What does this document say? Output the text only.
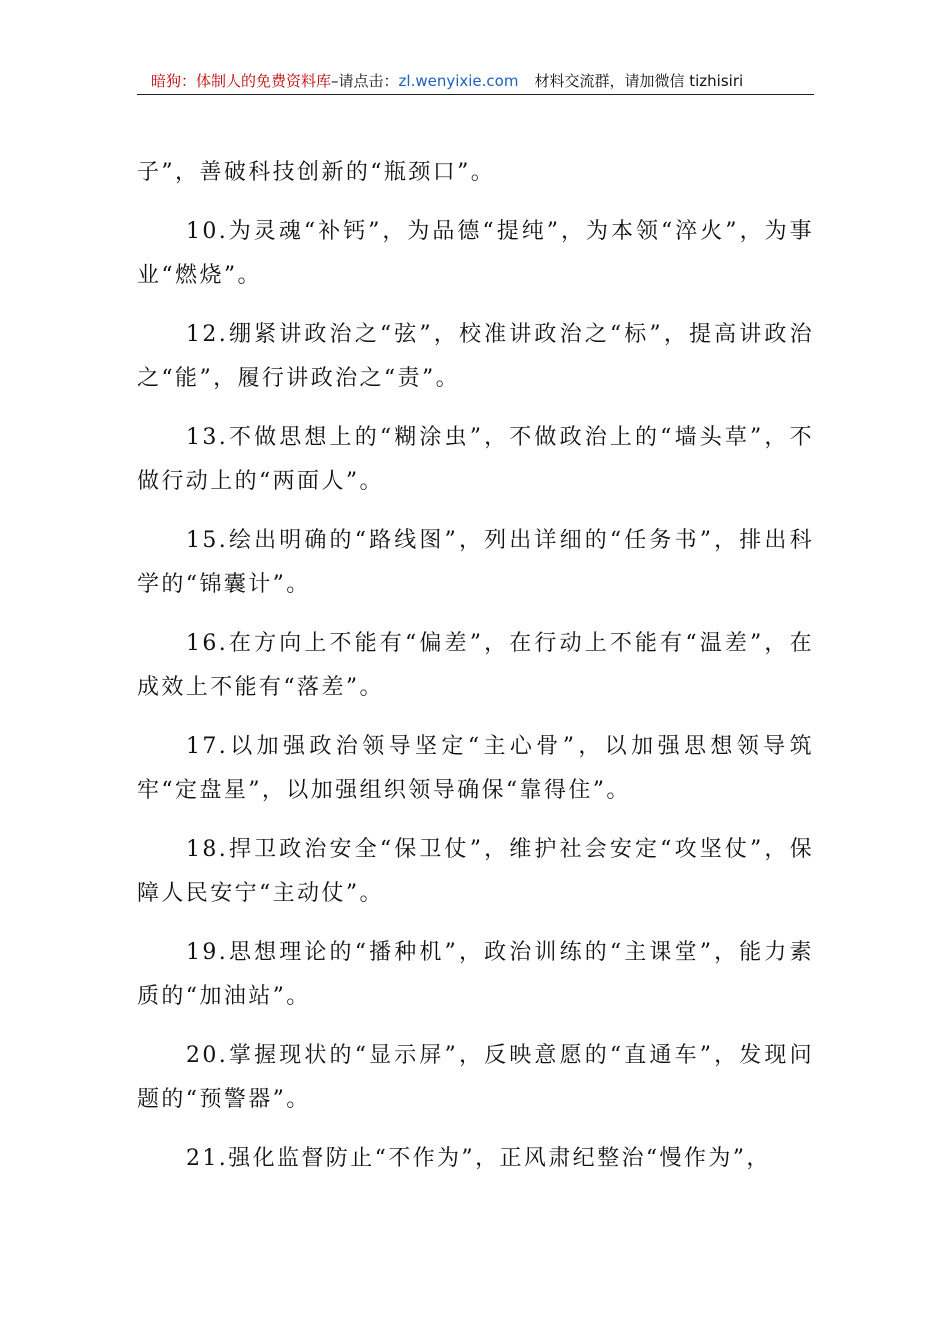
暗狗：体制人的免费资料库–请点击：zl.wenyixie.com 材料交流群，请加微信 tizhisiri

子”，善破科技创新的“瓶颈口”。

10.为灵魂“补钙”，为品德“提纯”，为本领“淬火”，为事业“燃烧”。

12.绷紧讲政治之“弦”，校准讲政治之“标”，提高讲政治之“能”，履行讲政治之“责”。

13.不做思想上的“糊涂虫”，不做政治上的“墙头草”，不做行动上的“两面人”。

15.绘出明确的“路线图”，列出详细的“任务书”，排出科学的“锦囊计”。

16.在方向上不能有“偏差”，在行动上不能有“温差”，在成效上不能有“落差”。

17.以加强政治领导坚定“主心骨”，以加强思想领导筑牢“定盘星”，以加强组织领导确保“靠得住”。

18.捍卫政治安全“保卫仗”，维护社会安定“攻坚仗”，保障人民安宁“主动仗”。

19.思想理论的“播种机”，政治训练的“主课堂”，能力素质的“加油站”。

20.掌握现状的“显示屏”，反映意愿的“直通车”，发现问题的“预警器”。

21.强化监督防止“不作为”，正风肃纪整治“慢作为”，
